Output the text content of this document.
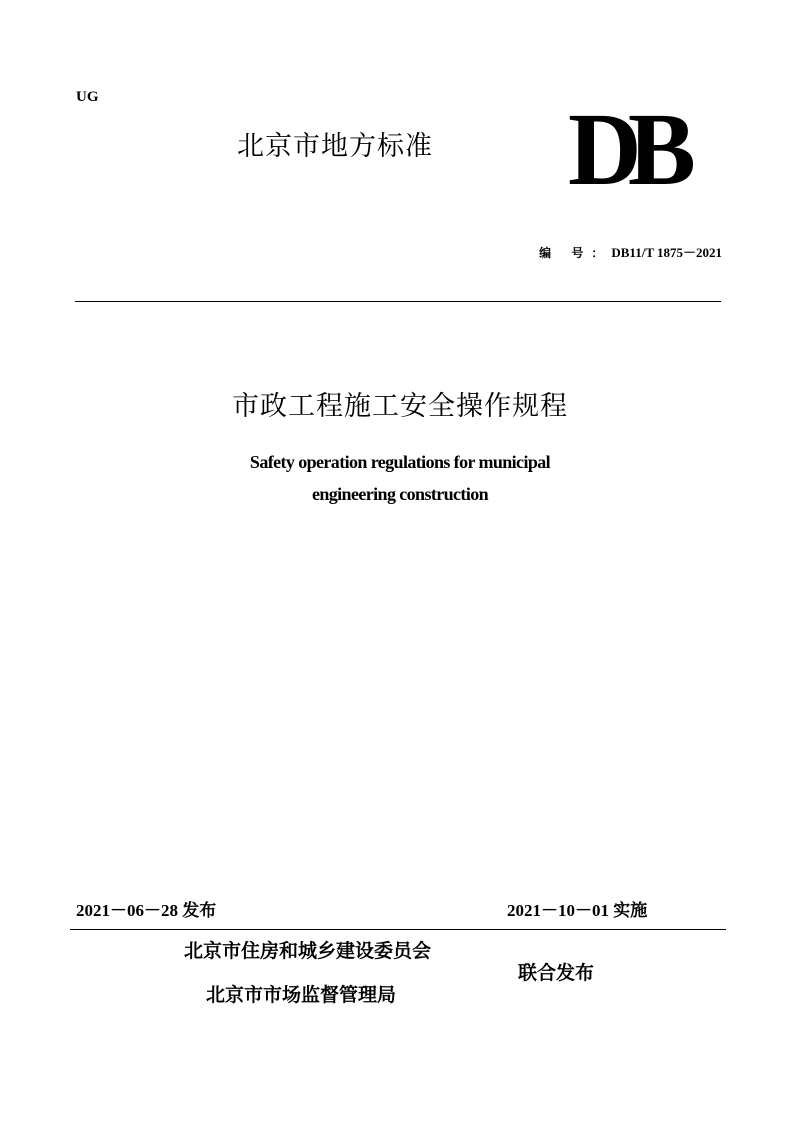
UG
北京市地方标准 DB
编 号：DB11/T 1875－2021
市政工程施工安全操作规程
Safety operation regulations for municipal
engineering construction
2021－06－28 发布	2021－10－01 实施
北京市住房和城乡建设委员会
北京市市场监督管理局
联合发布
